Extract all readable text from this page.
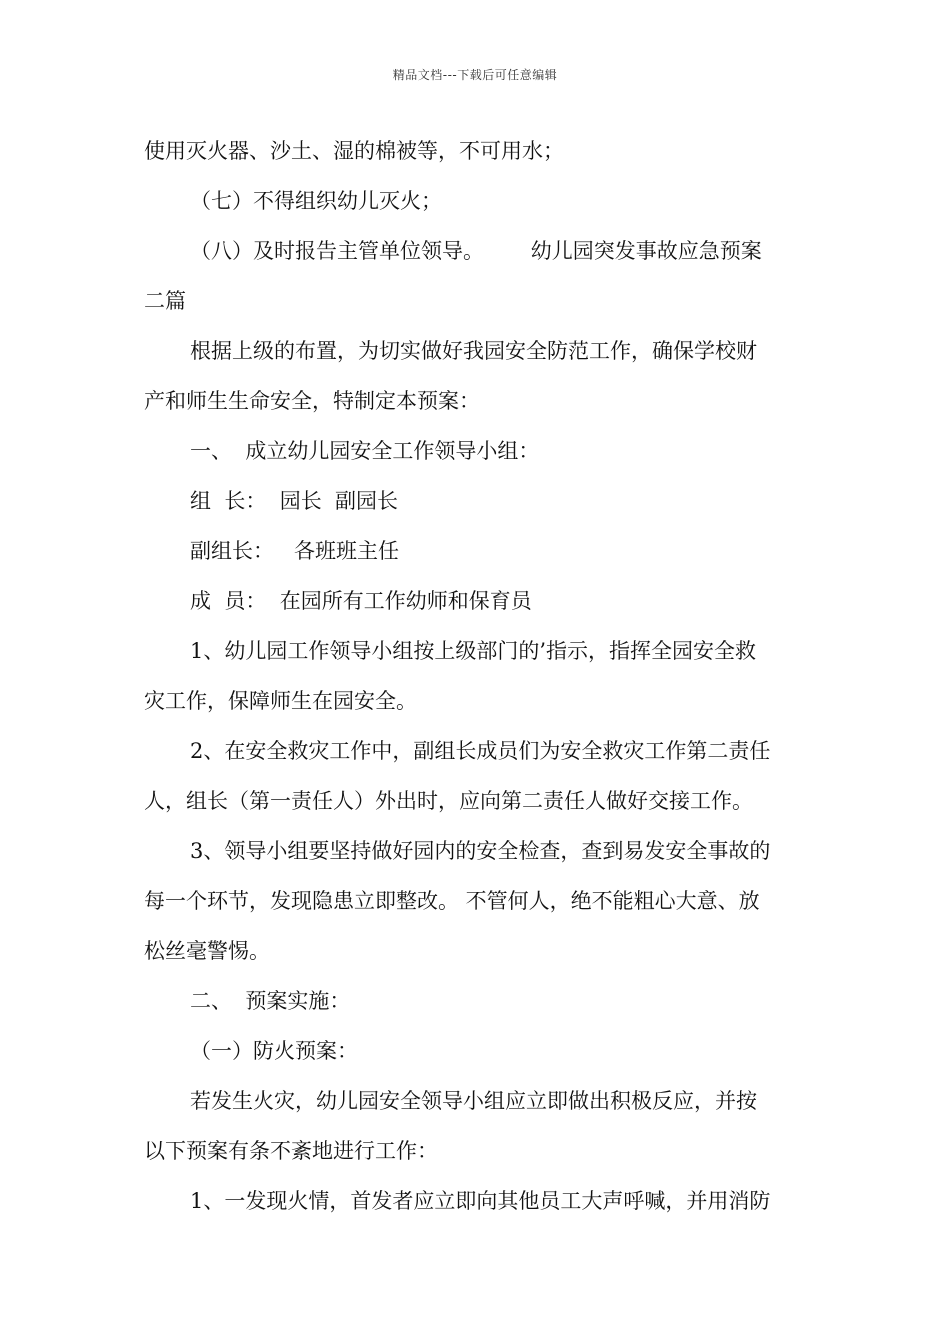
精品文档---下载后可任意编辑
使用灭火器、沙土、湿的棉被等，不可用水；
（七）不得组织幼儿灭火；
（八）及时报告主管单位领导。       幼儿园突发事故应急预案
二篇
根据上级的布置，为切实做好我园安全防范工作，确保学校财
产和师生生命安全，特制定本预案：
一、  成立幼儿园安全工作领导小组：
组  长：  园长  副园长
副组长：   各班班主任
成  员：  在园所有工作幼师和保育员
1、幼儿园工作领导小组按上级部门的’指示，指挥全园安全救
灾工作，保障师生在园安全。
2、在安全救灾工作中，副组长成员们为安全救灾工作第二责任
人，组长（第一责任人）外出时，应向第二责任人做好交接工作。
3、领导小组要坚持做好园内的安全检查，查到易发安全事故的
每一个环节，发现隐患立即整改。 不管何人，绝不能粗心大意、放
松丝毫警惕。
二、  预案实施：
（一）防火预案：
若发生火灾，幼儿园安全领导小组应立即做出积极反应，并按
以下预案有条不紊地进行工作：
1、一发现火情，首发者应立即向其他员工大声呼喊，并用消防
